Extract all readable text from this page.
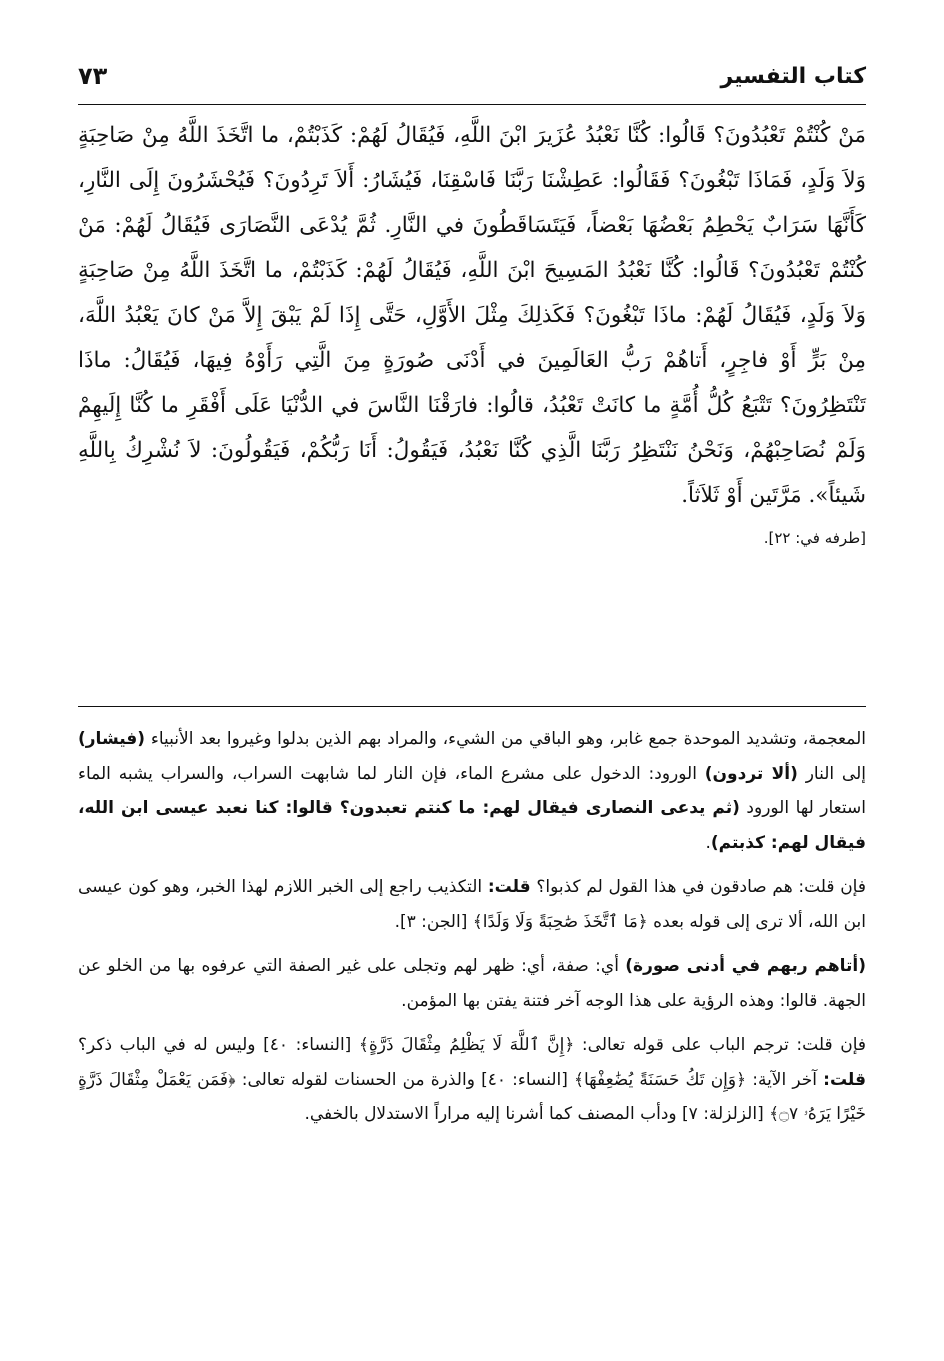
كتاب التفسير
٧٣

مَنْ كُنْتُمْ تَعْبُدُونَ؟ قَالُوا: كُنَّا نَعْبُدُ عُزَيرَ ابْنَ اللَّهِ، فَيُقَالُ لَهُمْ: كَذَبْتُمْ، ما اتَّخَذَ اللَّهُ مِنْ صَاحِبَةٍ وَلاَ وَلَدٍ، فَمَاذَا تَبْغُونَ؟ فَقَالُوا: عَطِشْنَا رَبَّنَا فَاسْقِنَا، فَيُشَارُ: أَلاَ تَرِدُونَ؟ فَيُحْشَرُونَ إِلَى النَّارِ، كَأَنَّهَا سَرَابٌ يَحْطِمُ بَعْضُهَا بَعْضاً، فَيَتَسَاقَطُونَ في النَّارِ. ثُمَّ يُدْعَى النَّصَارَى فَيُقَالُ لَهُمْ: مَنْ كُنْتُمْ تَعْبُدُونَ؟ قَالُوا: كُنَّا نَعْبُدُ المَسِيحَ ابْنَ اللَّهِ، فَيُقَالُ لَهُمْ: كَذَبْتُمْ، ما اتَّخَذَ اللَّهُ مِنْ صَاحِبَةٍ وَلاَ وَلَدٍ، فَيُقَالُ لَهُمْ: ماذَا تَبْغُونَ؟ فَكَذلِكَ مِثْلَ الأَوَّلِ، حَتَّى إِذَا لَمْ يَبْقَ إِلاَّ مَنْ كانَ يَعْبُدُ اللَّهَ، مِنْ بَرٍّ أَوْ فاجِرٍ، أَتاهُمْ رَبُّ العَالَمِينَ في أَدْنَى صُورَةٍ مِنَ الَّتِي رَأَوْهُ فِيهَا، فَيُقَالُ: ماذَا تَنْتَظِرُونَ؟ تَتْبَعُ كُلُّ أُمَّةٍ ما كانَتْ تَعْبُدُ، قالُوا: فارَقْنَا النَّاسَ في الدُّنْيَا عَلَى أَفْقَرِ ما كُنَّا إِلَيهِمْ وَلَمْ نُصَاحِبْهُمْ، وَنَحْنُ نَنْتَظِرُ رَبَّنَا الَّذِي كُنَّا نَعْبُدُ، فَيَقُولُ: أَنَا رَبُّكُمْ، فَيَقُولُونَ: لاَ نُشْرِكُ بِاللَّهِ شَيئاً». مَرَّتَين أَوْ ثَلاَثاً.

[طرفه في: ٢٢].

المعجمة، وتشديد الموحدة جمع غابر، وهو الباقي من الشيء، والمراد بهم الذين بدلوا وغيروا بعد الأنبياء (فيشار) إلى النار (ألا تردون) الورود: الدخول على مشرع الماء، فإن النار لما شابهت السراب، والسراب يشبه الماء استعار لها الورود (ثم يدعى النصارى فيقال لهم: ما كنتم تعبدون؟ قالوا: كنا نعبد عيسى ابن الله، فيقال لهم: كذبتم).

فإن قلت: هم صادقون في هذا القول لم كذبوا؟ قلت: التكذيب راجع إلى الخبر اللازم لهذا الخبر، وهو كون عيسى ابن الله، ألا ترى إلى قوله بعده ﴿مَا ٱتَّخَذَ صَٰحِبَةً وَلَا وَلَدًا﴾ [الجن: ٣].

(أتاهم ربهم في أدنى صورة) أي: صفة، أي: ظهر لهم وتجلى على غير الصفة التي عرفوه بها من الخلو عن الجهة. قالوا: وهذه الرؤية على هذا الوجه آخر فتنة يفتن بها المؤمن.

فإن قلت: ترجم الباب على قوله تعالى: ﴿إِنَّ ٱللَّهَ لَا يَظْلِمُ مِثْقَالَ ذَرَّةٍ﴾ [النساء: ٤٠] وليس له في الباب ذكر؟ قلت: آخر الآية: ﴿وَإِن تَكُ حَسَنَةً يُضَٰعِفْهَا﴾ [النساء: ٤٠] والذرة من الحسنات لقوله تعالى: ﴿فَمَن يَعْمَلْ مِثْقَالَ ذَرَّةٍ خَيْرًا يَرَهُۥ ۝٧﴾ [الزلزلة: ٧] ودأب المصنف كما أشرنا إليه مراراً الاستدلال بالخفي.
